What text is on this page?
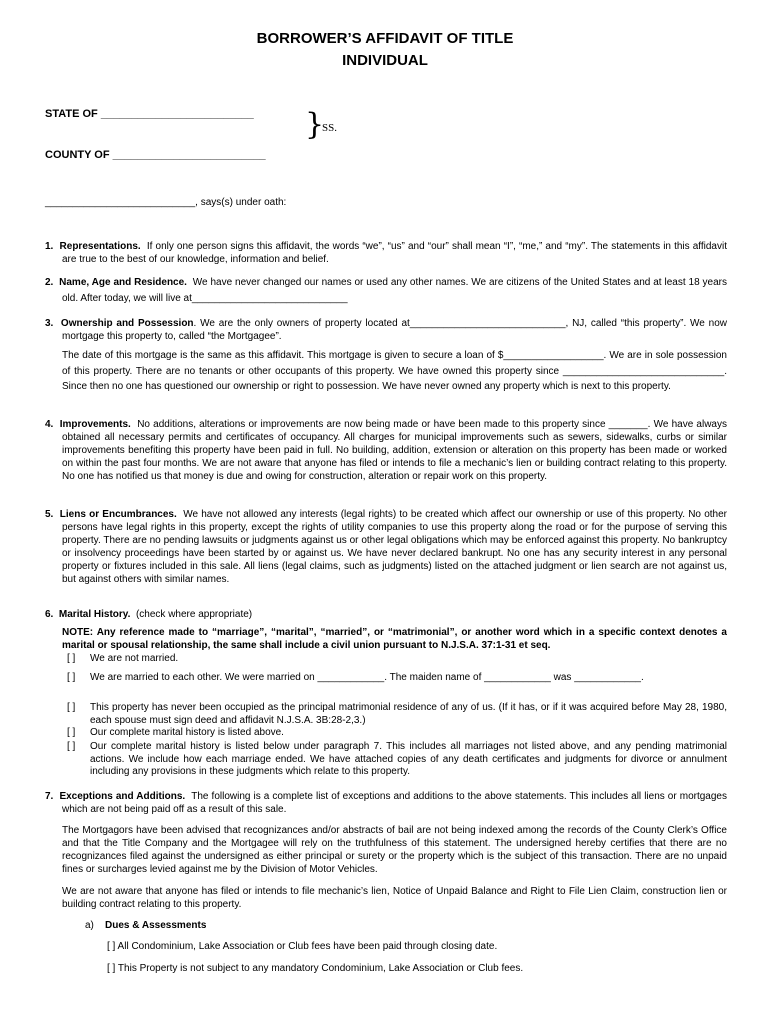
BORROWER’S AFFIDAVIT OF TITLE
INDIVIDUAL
STATE OF _________________________ }
SS.
COUNTY OF _________________________
___________________________, says(s) under oath:
1. Representations. If only one person signs this affidavit, the words “we”, “us” and “our” shall mean “I”, “me,” and “my”. The statements in this affidavit are true to the best of our knowledge, information and belief.
2. Name, Age and Residence. We have never changed our names or used any other names. We are citizens of the United States and at least 18 years old. After today, we will live at____________________________
3. Ownership and Possession. We are the only owners of property located at____________________________, NJ, called “this property”. We now mortgage this property to, called “the Mortgagee”.
The date of this mortgage is the same as this affidavit. This mortgage is given to secure a loan of $__________________. We are in sole possession of this property. There are no tenants or other occupants of this property. We have owned this property since _____________________________. Since then no one has questioned our ownership or right to possession. We have never owned any property which is next to this property.
4. Improvements. No additions, alterations or improvements are now being made or have been made to this property since _______. We have always obtained all necessary permits and certificates of occupancy. All charges for municipal improvements such as sewers, sidewalks, curbs or similar improvements benefiting this property have been paid in full. No building, addition, extension or alteration on this property has been made or worked on within the past four months. We are not aware that anyone has filed or intends to file a mechanic’s lien or building contract relating to this property. No one has notified us that money is due and owing for construction, alteration or repair work on this property.
5. Liens or Encumbrances. We have not allowed any interests (legal rights) to be created which affect our ownership or use of this property. No other persons have legal rights in this property, except the rights of utility companies to use this property along the road or for the purpose of serving this property. There are no pending lawsuits or judgments against us or other legal obligations which may be enforced against this property. No bankruptcy or insolvency proceedings have been started by or against us. We have never declared bankrupt. No one has any security interest in any personal property or fixtures included in this sale. All liens (legal claims, such as judgments) listed on the attached judgment or lien search are not against us, but against others with similar names.
6. Marital History. (check where appropriate)
NOTE: Any reference made to “marriage”, “marital”, “married”, or “matrimonial”, or another word which in a specific context denotes a marital or spousal relationship, the same shall include a civil union pursuant to N.J.S.A. 37:1-31 et seq.
[ ]	We are not married.
[ ]	We are married to each other. We were married on ____________. The maiden name of ____________ was ____________.
[ ]	This property has never been occupied as the principal matrimonial residence of any of us. (If it has, or if it was acquired before May 28, 1980, each spouse must sign deed and affidavit N.J.S.A. 3B:28-2,3.)
[ ]	Our complete marital history is listed above.
[ ]	Our complete marital history is listed below under paragraph 7. This includes all marriages not listed above, and any pending matrimonial actions. We include how each marriage ended. We have attached copies of any death certificates and judgments for divorce or annulment including any provisions in these judgments which relate to this property.
7. Exceptions and Additions. The following is a complete list of exceptions and additions to the above statements. This includes all liens or mortgages which are not being paid off as a result of this sale.
The Mortgagors have been advised that recognizances and/or abstracts of bail are not being indexed among the records of the County Clerk’s Office and that the Title Company and the Mortgagee will rely on the truthfulness of this statement. The undersigned hereby certifies that there are no recognizances filed against the undersigned as either principal or surety or the property which is the subject of this transaction. There are no unpaid fines or surcharges levied against me by the Division of Motor Vehicles.
We are not aware that anyone has filed or intends to file mechanic’s lien, Notice of Unpaid Balance and Right to File Lien Claim, construction lien or building contract relating to this property.
a) Dues & Assessments
[ ] All Condominium, Lake Association or Club fees have been paid through closing date.
[ ] This Property is not subject to any mandatory Condominium, Lake Association or Club fees.
